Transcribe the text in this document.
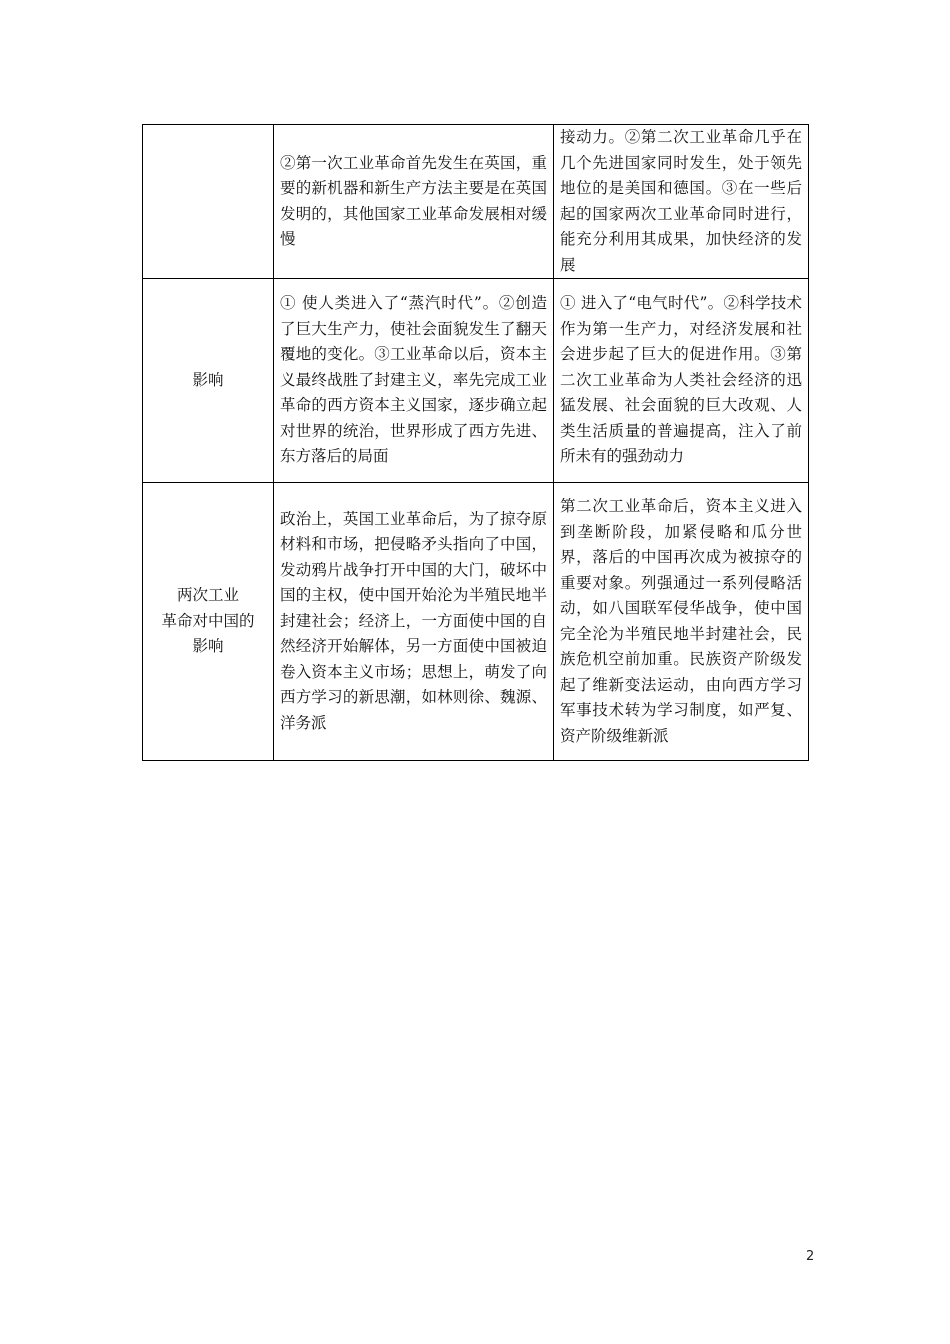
	②第一次工业革命首先发生在英国，重要的新机器和新生产方法主要是在英国发明的，其他国家工业革命发展相对缓慢	接动力。②第二次工业革命几乎在几个先进国家同时发生，处于领先地位的是美国和德国。③在一些后起的国家两次工业革命同时进行，能充分利用其成果，加快经济的发展
影响	① 使人类进入了“蒸汽时代”。②创造了巨大生产力，使社会面貌发生了翻天覆地的变化。③工业革命以后，资本主义最终战胜了封建主义，率先完成工业革命的西方资本主义国家，逐步确立起对世界的统治，世界形成了西方先进、东方落后的局面	① 进入了“电气时代”。②科学技术作为第一生产力，对经济发展和社会进步起了巨大的促进作用。③第二次工业革命为人类社会经济的迅猛发展、社会面貌的巨大改观、人类生活质量的普遍提高，注入了前所未有的强劲动力

两次工业
革命对中国的
影响	政治上，英国工业革命后，为了掠夺原材料和市场，把侵略矛头指向了中国，发动鸦片战争打开中国的大门，破坏中国的主权，使中国开始沦为半殖民地半封建社会；经济上，一方面使中国的自然经济开始解体，另一方面使中国被迫卷入资本主义市场；思想上，萌发了向西方学习的新思潮，如林则徐、魏源、洋务派	第二次工业革命后，资本主义进入到垄断阶段，加紧侵略和瓜分世界，落后的中国再次成为被掠夺的重要对象。列强通过一系列侵略活动，如八国联军侵华战争，使中国完全沦为半殖民地半封建社会，民族危机空前加重。民族资产阶级发起了维新变法运动，由向西方学习军事技术转为学习制度，如严复、资产阶级维新派
2
